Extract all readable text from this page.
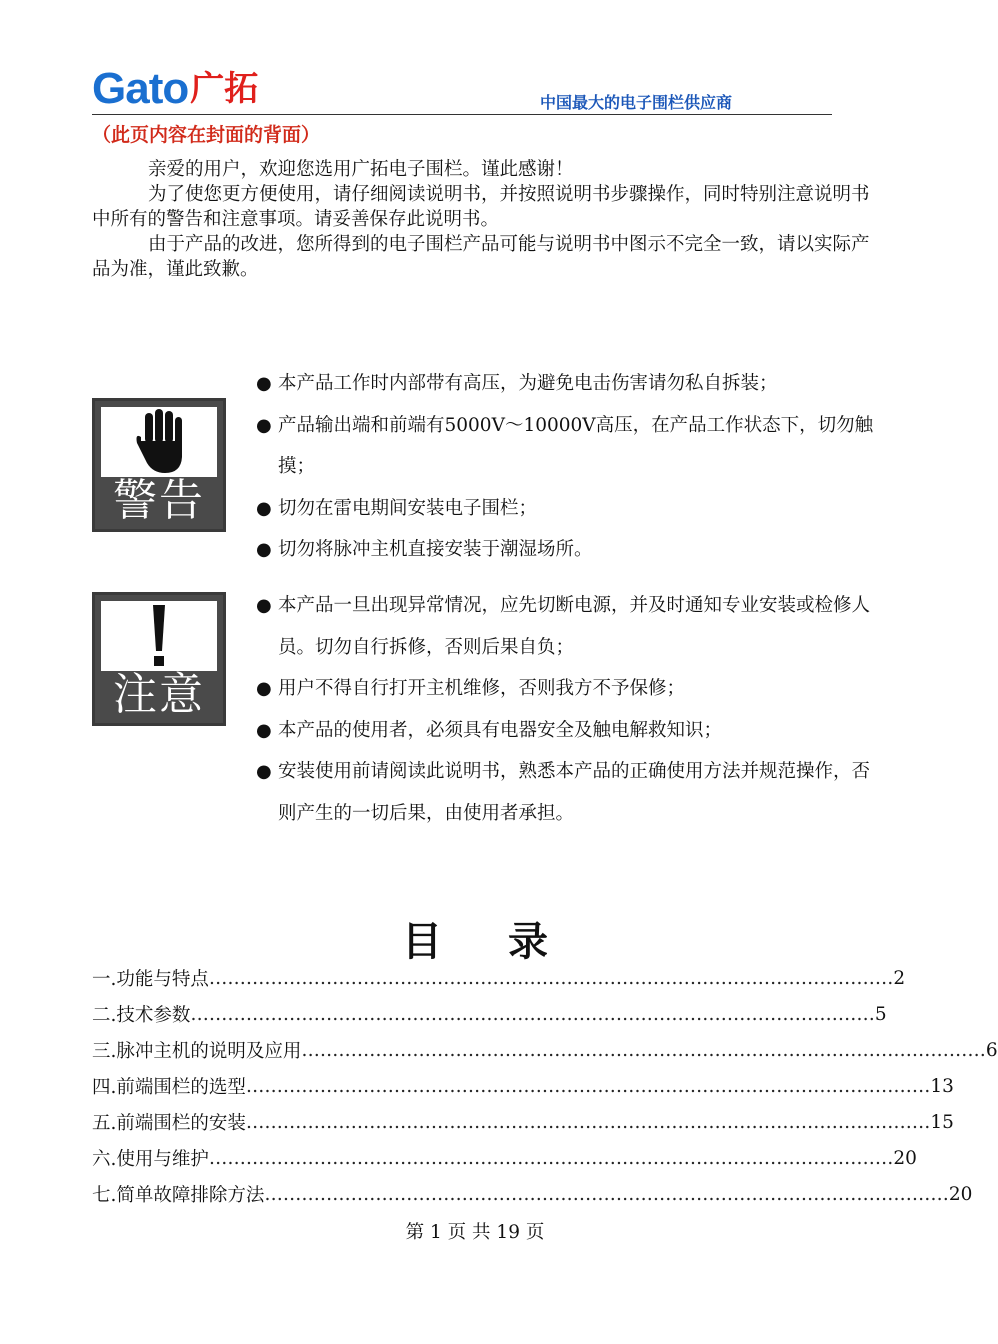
Gato 广拓	中国最大的电子围栏供应商
（此页内容在封面的背面）
亲爱的用户，欢迎您选用广拓电子围栏。谨此感谢！
为了使您更方便使用，请仔细阅读说明书，并按照说明书步骤操作，同时特别注意说明书中所有的警告和注意事项。请妥善保存此说明书。
由于产品的改进，您所得到的电子围栏产品可能与说明书中图示不完全一致，请以实际产品为准，谨此致歉。
警告
● 本产品工作时内部带有高压，为避免电击伤害请勿私自拆装；
● 产品输出端和前端有5000V～10000V高压，在产品工作状态下，切勿触摸；
● 切勿在雷电期间安装电子围栏；
● 切勿将脉冲主机直接安装于潮湿场所。
注意
● 本产品一旦出现异常情况，应先切断电源，并及时通知专业安装或检修人员。切勿自行拆修，否则后果自负；
● 用户不得自行打开主机维修，否则我方不予保修；
● 本产品的使用者，必须具有电器安全及触电解救知识；
● 安装使用前请阅读此说明书，熟悉本产品的正确使用方法并规范操作，否则产生的一切后果，由使用者承担。
目录
一. 功能与特点 ………………………………………………………………………………………………… 2
二. 技术参数 ………………………………………………………………………………………………… 5
三. 脉冲主机的说明及应用 ………………………………………………………………………………………………… 6
四. 前端围栏的选型 ………………………………………………………………………………………………… 13
五. 前端围栏的安装 ………………………………………………………………………………………………… 15
六. 使用与维护 ………………………………………………………………………………………………… 20
七. 简单故障排除方法 ………………………………………………………………………………………………… 20
第 1 页 共 19 页
